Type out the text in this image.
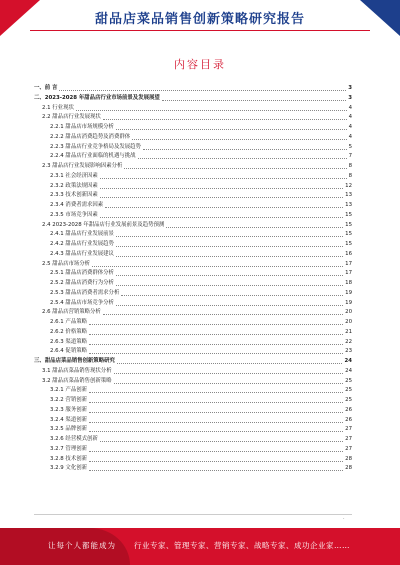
甜品店菜品销售创新策略研究报告
内容目录
一、前 言	3
二、2023-2028 年甜品店行业市场前景及发展展望	3
2.1 行业现状	4
2.2 甜品店行业发展现状	4
2.2.1 甜品店市场规模分析	4
2.2.2 甜品店消费趋势及消费群体	4
2.2.3 甜品店行业竞争格局及发展趋势	5
2.2.4 甜品店行业面临的机遇与挑战	7
2.3 甜品店行业发展影响因素分析	8
2.3.1 社会经济因素	8
2.3.2 政策法规因素	12
2.3.3 技术创新因素	13
2.3.4 消费者需求因素	13
2.3.5 市场竞争因素	15
2.4 2023-2028 年甜品店行业发展前景及趋势预测	15
2.4.1 甜品店行业发展前景	15
2.4.2 甜品店行业发展趋势	15
2.4.3 甜品店行业发展建议	16
2.5 甜品店市场分析	17
2.5.1 甜品店消费群体分析	17
2.5.2 甜品店消费行为分析	18
2.5.3 甜品店消费者需求分析	19
2.5.4 甜品店市场竞争分析	19
2.6 甜品店营销策略分析	20
2.6.1 产品策略	20
2.6.2 价格策略	21
2.6.3 渠道策略	22
2.6.4 促销策略	23
三、甜品店菜品销售创新策略研究	24
3.1 甜品店菜品销售现状分析	24
3.2 甜品店菜品销售创新策略	25
3.2.1 产品创新	25
3.2.2 营销创新	25
3.2.3 服务创新	26
3.2.4 渠道创新	26
3.2.5 品牌创新	27
3.2.6 经营模式创新	27
3.2.7 管理创新	27
3.2.8 技术创新	28
3.2.9 文化创新	28
·
让每个人都能成为 行业专家、管理专家、营销专家、战略专家、成功企业家……
